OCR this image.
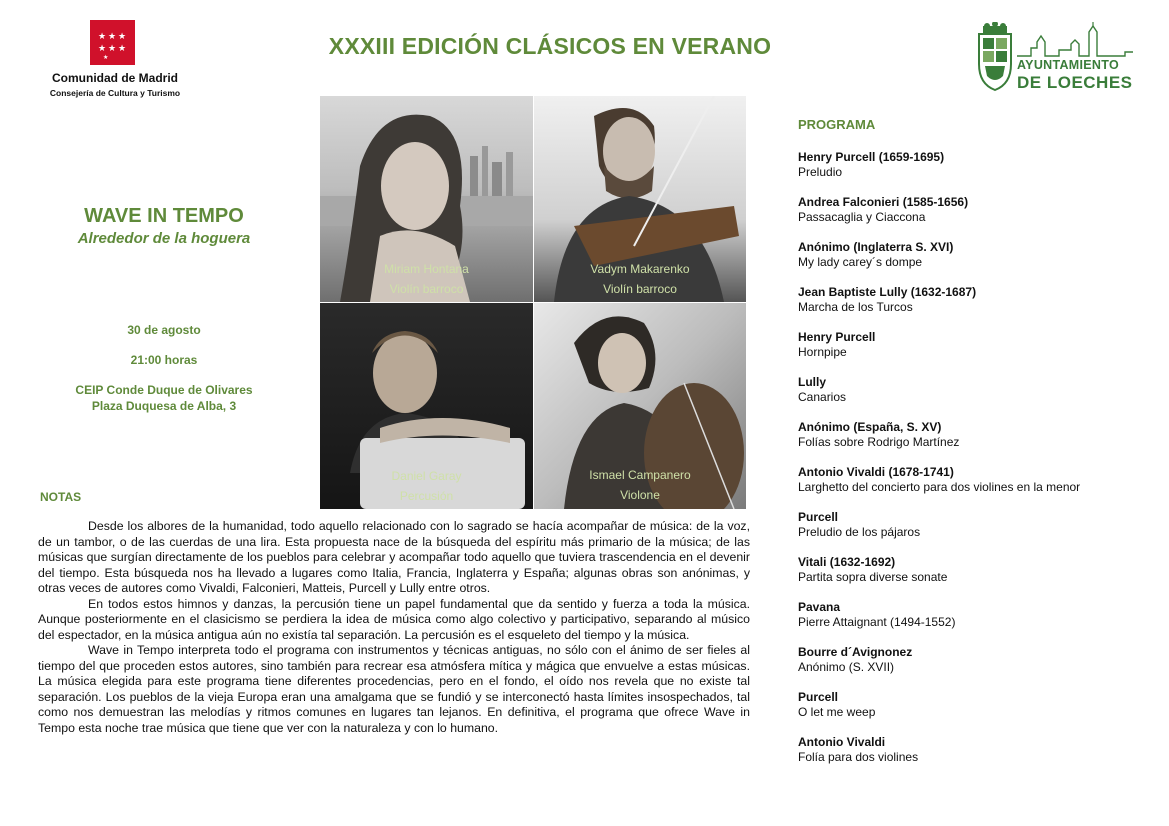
★ ★ ★
★ ★ ★
★
Comunidad de Madrid
Consejería de Cultura y Turismo
XXXIII EDICIÓN CLÁSICOS EN VERANO
AYUNTAMIENTO
DE LOECHES
WAVE IN TEMPO
Alrededor de la hoguera
30 de agosto
21:00 horas
CEIP Conde Duque de Olivares
Plaza Duquesa de Alba, 3
Miriam Hontana
Violín barroco
Vadym Makarenko
Violín barroco
Daniel Garay
Percusión
Ismael Campanero
Violone
NOTAS

Desde los albores de la humanidad, todo aquello relacionado con lo sagrado se hacía acompañar de música: de la voz, de un tambor, o de las cuerdas de una lira. Esta propuesta nace de la búsqueda del espíritu más primario de la música; de las músicas que surgían directamente de los pueblos para celebrar y acompañar todo aquello que tuviera trascendencia en el devenir del tiempo. Esta búsqueda nos ha llevado a lugares como Italia, Francia, Inglaterra y España; algunas obras son anónimas, y otras veces de autores como Vivaldi, Falconieri, Matteis, Purcell y Lully entre otros.

En todos estos himnos y danzas, la percusión tiene un papel fundamental que da sentido y fuerza a toda la música. Aunque posteriormente en el clasicismo se perdiera la idea de música como algo colectivo y participativo, separando al músico del espectador, en la música antigua aún no existía tal separación. La percusión es el esqueleto del tiempo y la música.

Wave in Tempo interpreta todo el programa con instrumentos y técnicas antiguas, no sólo con el ánimo de ser fieles al tiempo del que proceden estos autores, sino también para recrear esa atmósfera mítica y mágica que envuelve a estas músicas. La música elegida para este programa tiene diferentes procedencias, pero en el fondo, el oído nos revela que no existe tal separación. Los pueblos de la vieja Europa eran una amalgama que se fundió y se interconectó hasta límites insospechados, tal como nos demuestran las melodías y ritmos comunes en lugares tan lejanos. En definitiva, el programa que ofrece Wave in Tempo esta noche trae música que tiene que ver con la naturaleza y con lo humano.

PROGRAMA
Henry Purcell (1659-1695)
Preludio
Andrea Falconieri (1585-1656)
Passacaglia y Ciaccona
Anónimo (Inglaterra S. XVI)
My lady carey´s dompe
Jean Baptiste Lully (1632-1687)
Marcha de los Turcos
Henry Purcell
Hornpipe
Lully
Canarios
Anónimo (España, S. XV)
Folías sobre Rodrigo Martínez
Antonio Vivaldi (1678-1741)
Larghetto del concierto para dos violines en la menor
Purcell
Preludio de los pájaros
Vitali (1632-1692)
Partita sopra diverse sonate
Pavana
Pierre Attaignant (1494-1552)
Bourre d´Avignonez
Anónimo (S. XVII)
Purcell
O let me weep
Antonio Vivaldi
Folía para dos violines
